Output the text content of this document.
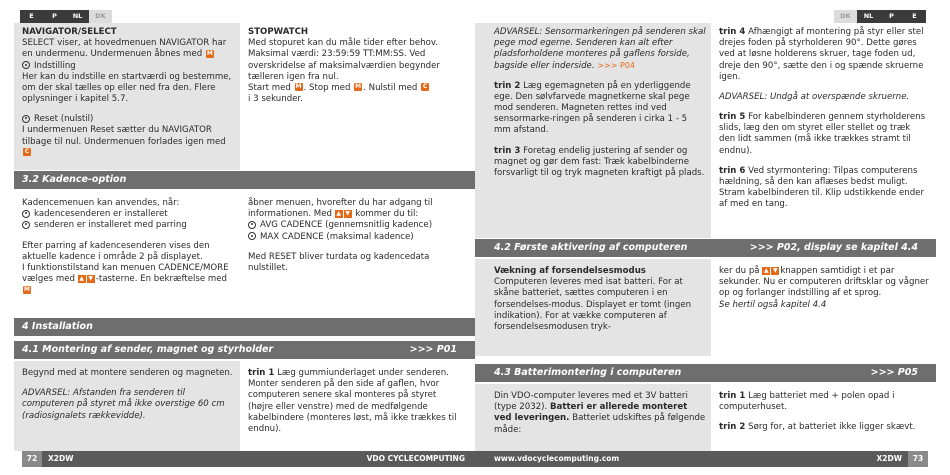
E	P	NL	DK
NAVIGATOR/SELECT
SELECT viser, at hovedmenuen NAVIGATOR har en undermenu. Undermenuen åbnes med M
Indstilling
Her kan du indstille en startværdi og bestemme, om der skal tælles op eller ned fra den. Flere oplysninger i kapitel 5.7.
Reset (nulstil)
I undermenuen Reset sætter du NAVIGATOR tilbage til nul. Undermenuen forlades igen med C
STOPWATCH
Med stopuret kan du måle tider efter behov. Maksimal værdi: 23:59:59 TT:MM:SS. Ved overskridelse af maksimalværdien begynder tælleren igen fra nul.
Start med M . Stop med M . Nulstil med C
i 3 sekunder.
3.2 Kadence-option
Kadencemenuen kan anvendes, når:
kadencesenderen er installeret
senderen er installeret med parring
Efter parring af kadencesenderen vises den aktuelle kadence i område 2 på displayet.
I funktionstilstand kan menuen CADENCE/MORE vælges med ▲ ▼ -tasterne. En bekræftelse med M
åbner menuen, hvorefter du har adgang til informationen. Med ▲ ▼ kommer du til:
AVG CADENCE (gennemsnitlig kadence)
MAX CADENCE (maksimal kadence)
Med RESET bliver turdata og kadencedata nulstillet.
4 Installation
4.1 Montering af sender, magnet og styrholder	>>> P01

Begynd med at montere senderen og magneten.

ADVARSEL: Afstanden fra senderen til computeren på styret må ikke overstige 60 cm (radiosignalets rækkevidde).

trin 1 Læg gummiunderlaget under senderen. Monter senderen på den side af gaflen, hvor computeren senere skal monteres på styret (højre eller venstre) med de medfølgende kabelbindere (monteres løst, må ikke trækkes til endnu).
72	X2DW	VDO CYCLECOMPUTING
DK	NL	P	E

ADVARSEL: Sensormarkeringen på senderen skal pege mod egerne. Senderen kan alt efter pladsforholdene monteres på gaflens forside, bagside eller inderside. >>> P04

trin 2 Læg egemagneten på en yderliggende ege. Den sølvfarvede magnetkerne skal pege mod senderen. Magneten rettes ind ved sensormarke-ringen på senderen i cirka 1 - 5 mm afstand.

trin 3 Foretag endelig justering af sender og magnet og gør dem fast: Træk kabelbinderne forsvarligt til og tryk magneten kraftigt på plads.

trin 4 Afhængigt af montering på styr eller stel drejes foden på styrholderen 90°. Dette gøres ved at løsne holderens skruer, tage foden ud, dreje den 90°, sætte den i og spænde skruerne igen.

ADVARSEL: Undgå at overspænde skruerne.

trin 5 For kabelbinderen gennem styrholderens slids, læg den om styret eller stellet og træk den lidt sammen (må ikke trækkes stramt til endnu).

trin 6 Ved styrmontering: Tilpas computerens hældning, så den kan aflæses bedst muligt. Stram kabelbinderen til. Klip udstikkende ender af med en tang.

4.2 Første aktivering af computeren	>>> P02, display se kapitel 4.4
Vækning af forsendelsesmodus
Computeren leveres med isat batteri. For at skåne batteriet, sættes computeren i en forsendelses-modus. Displayet er tomt (ingen indikation). For at vække computeren af forsendelsesmodusen tryk-
ker du på ▲ ▼ knappen samtidigt i et par sekunder. Nu er computeren driftsklar og vågner op og forlanger indstilling af et sprog.
Se hertil også kapitel 4.4
4.3 Batterimontering i computeren	>>> P05
Din VDO-computer leveres med et 3V batteri (type 2032). Batteri er allerede monteret ved leveringen. Batteriet udskiftes på følgende måde:

trin 1 Læg batteriet med + polen opad i computerhuset.

trin 2 Sørg for, at batteriet ikke ligger skævt.

www.vdocyclecomputing.com	X2DW	73
